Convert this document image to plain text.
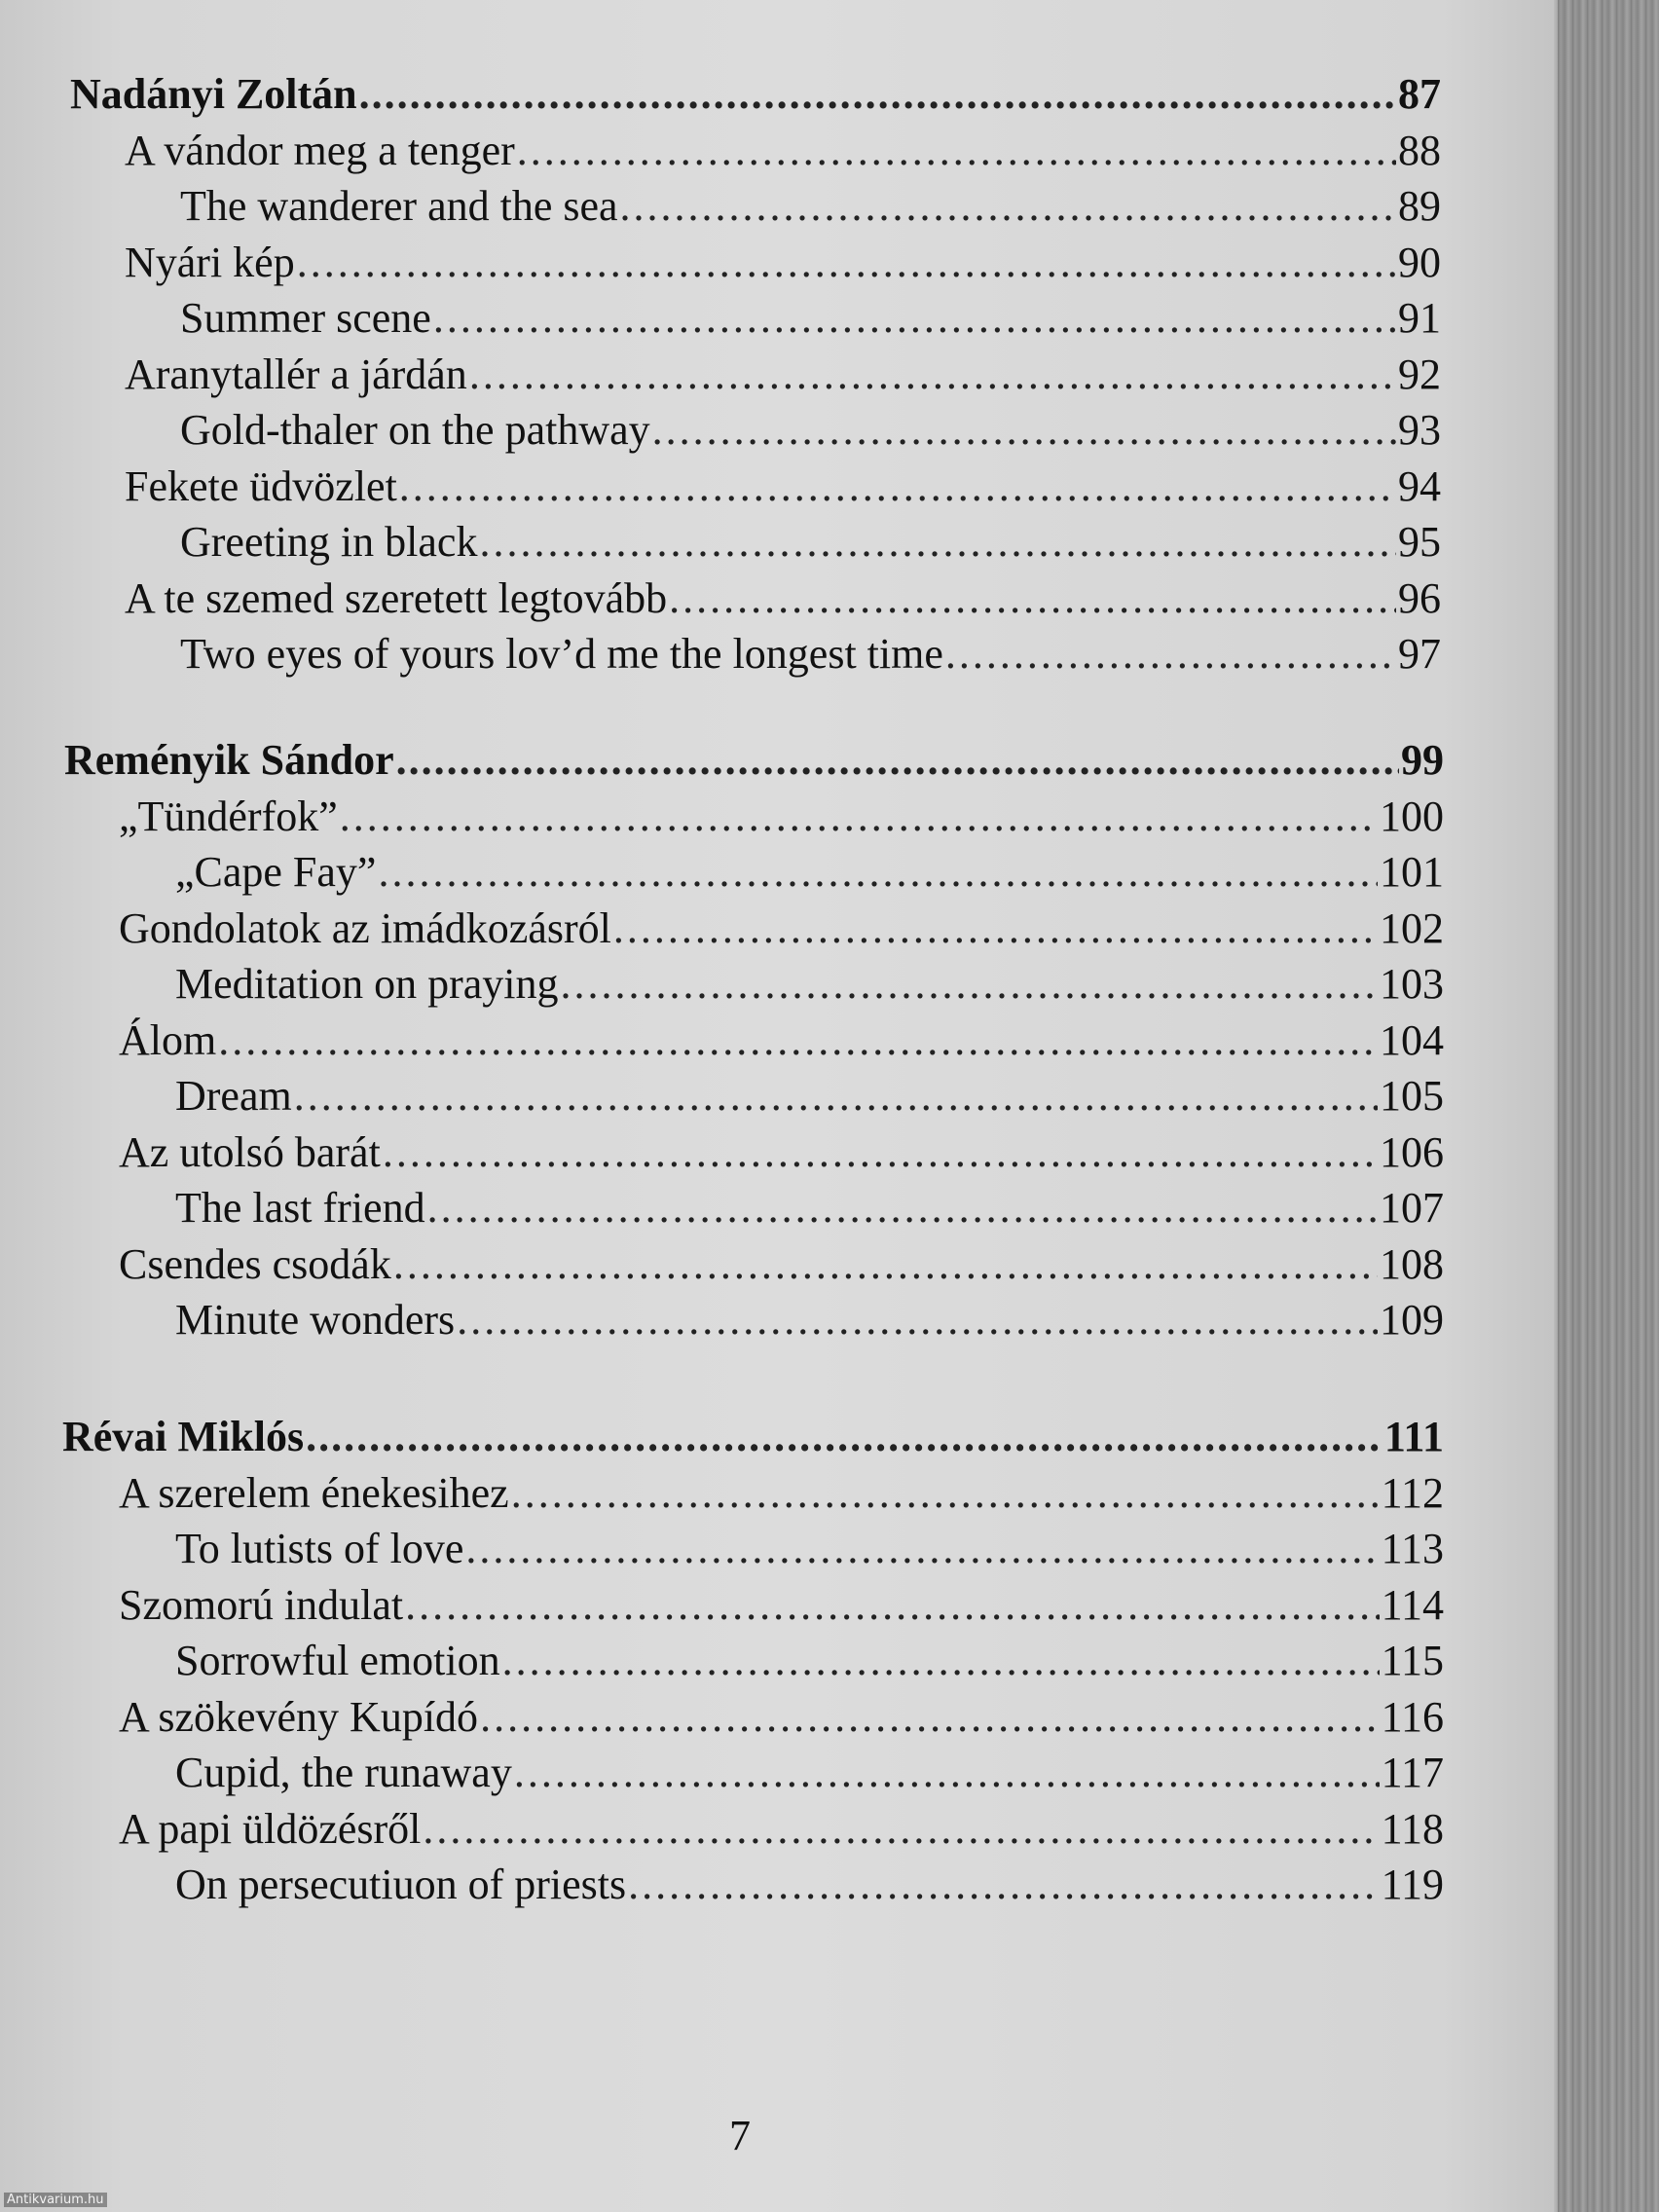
Nadányi Zoltán .....	87
A vándor meg a tenger .....	88
The wanderer and the sea .....	89
Nyári kép .....	90
Summer scene .....	91
Aranytallér a járdán .....	92
Gold-thaler on the pathway .....	93
Fekete üdvözlet .....	94
Greeting in black .....	95
A te szemed szeretett legtovább .....	96
Two eyes of yours lov’d me the longest time .....	97
Reményik Sándor .....	99
„Tündérfok” .....	100
„Cape Fay” .....	101
Gondolatok az imádkozásról .....	102
Meditation on praying .....	103
Álom .....	104
Dream .....	105
Az utolsó barát .....	106
The last friend .....	107
Csendes csodák .....	108
Minute wonders .....	109
Révai Miklós .....	111
A szerelem énekesihez .....	112
To lutists of love .....	113
Szomorú indulat .....	114
Sorrowful emotion .....	115
A szökevény Kupídó .....	116
Cupid, the runaway .....	117
A papi üldözésről .....	118
On persecutiuon of priests .....	119
7
Antikvarium.hu
